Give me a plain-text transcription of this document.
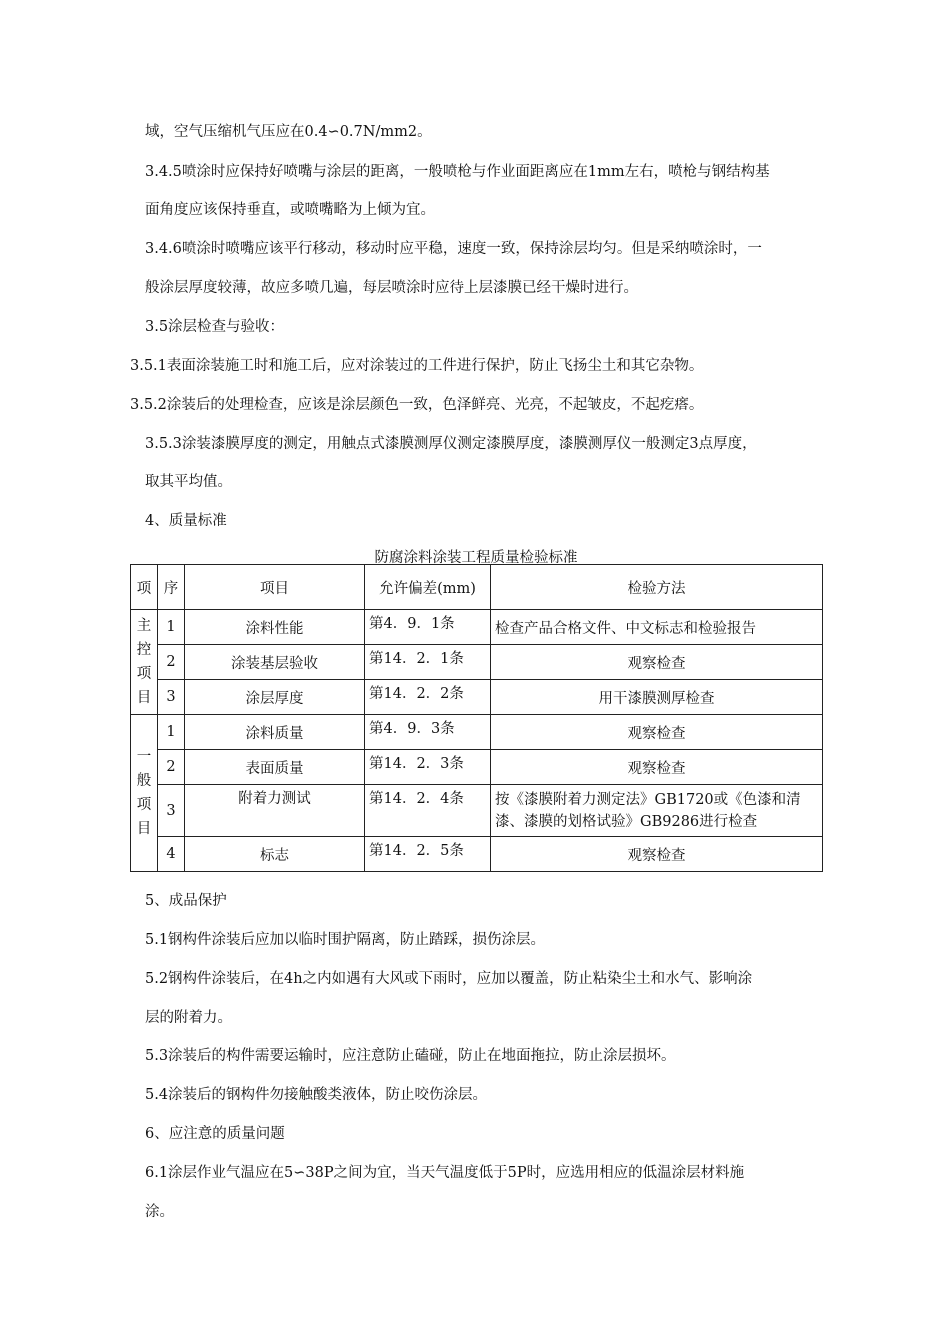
域，空气压缩机气压应在0.4∽0.7N/mm2。
3.4.5喷涂时应保持好喷嘴与涂层的距离，一般喷枪与作业面距离应在1mm左右，喷枪与钢结构基
面角度应该保持垂直，或喷嘴略为上倾为宜。
3.4.6喷涂时喷嘴应该平行移动，移动时应平稳，速度一致，保持涂层均匀。但是采纳喷涂时，一
般涂层厚度较薄，故应多喷几遍，每层喷涂时应待上层漆膜已经干燥时进行。
3.5涂层检查与验收：
3.5.1表面涂装施工时和施工后，应对涂装过的工件进行保护，防止飞扬尘土和其它杂物。
3.5.2涂装后的处理检查，应该是涂层颜色一致，色泽鲜亮、光亮，不起皱皮，不起疙瘩。
3.5.3涂装漆膜厚度的测定，用触点式漆膜测厚仪测定漆膜厚度，漆膜测厚仪一般测定3点厚度，
取其平均值。
4、质量标准
防腐涂料涂装工程质量检验标准
项	序	项目	允许偏差(mm)	检验方法

主
控
项
目	1	涂料性能	第4．9．1条	检查产品合格文件、中文标志和检验报告
	2	涂装基层验收	第14．2．1条	观察检查
	3	涂层厚度	第14．2．2条	用干漆膜测厚检查

一
般
项
目	1	涂料质量	第4．9．3条	观察检查
	2	表面质量	第14．2．3条	观察检查
	3	附着力测试	第14．2．4条	按《漆膜附着力测定法》GB1720或《色漆和清漆、漆膜的划格试验》GB9286进行检查
	4	标志	第14．2．5条	观察检查
5、成品保护
5.1钢构件涂装后应加以临时围护隔离，防止踏踩，损伤涂层。
5.2钢构件涂装后，在4h之内如遇有大风或下雨时，应加以覆盖，防止粘染尘土和水气、影响涂
层的附着力。
5.3涂装后的构件需要运输时，应注意防止磕碰，防止在地面拖拉，防止涂层损坏。
5.4涂装后的钢构件勿接触酸类液体，防止咬伤涂层。
6、应注意的质量问题
6.1涂层作业气温应在5∽38P之间为宜，当天气温度低于5P时，应选用相应的低温涂层材料施
涂。
